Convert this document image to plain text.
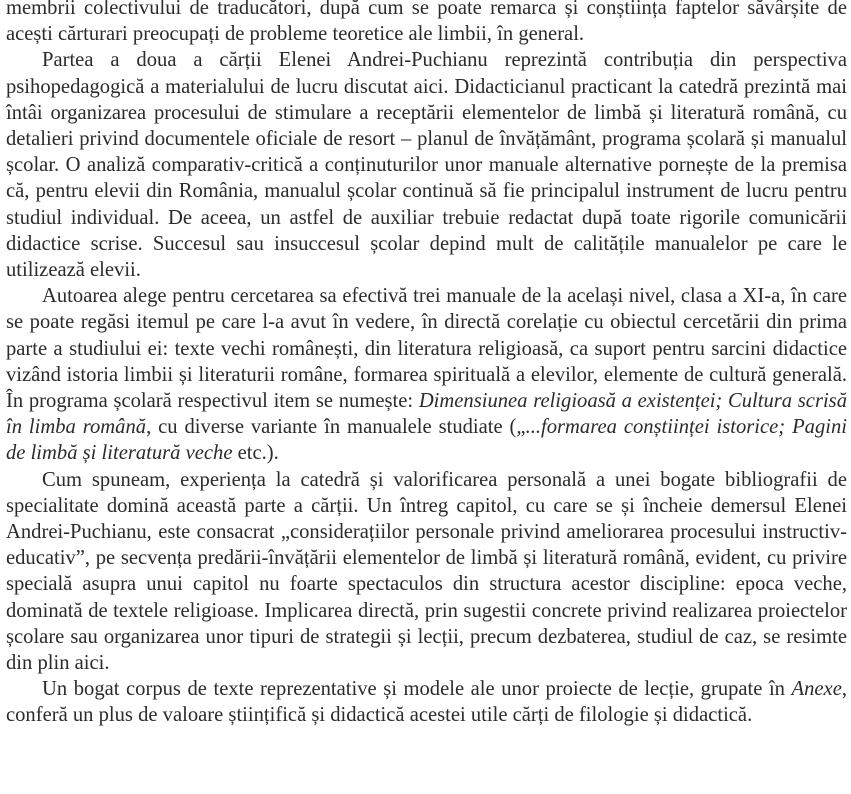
membrii colectivului de traducători, după cum se poate remarca și conștiința faptelor săvârșite de acești cărturari preocupați de probleme teoretice ale limbii, în general.

Partea a doua a cărții Elenei Andrei-Puchianu reprezintă contribuția din perspectiva psihopedagogică a materialului de lucru discutat aici. Didacticianul practicant la catedră prezintă mai întâi organizarea procesului de stimulare a receptării elementelor de limbă și literatură română, cu detalieri privind documentele oficiale de resort – planul de învățământ, programa școlară și manualul școlar. O analiză comparativ-critică a conținuturilor unor manuale alternative pornește de la premisa că, pentru elevii din România, manualul școlar continuă să fie principalul instrument de lucru pentru studiul individual. De aceea, un astfel de auxiliar trebuie redactat după toate rigorile comunicării didactice scrise. Succesul sau insuccesul școlar depind mult de calitățile manualelor pe care le utilizează elevii.

Autoarea alege pentru cercetarea sa efectivă trei manuale de la același nivel, clasa a XI-a, în care se poate regăsi itemul pe care l-a avut în vedere, în directă corelație cu obiectul cercetării din prima parte a studiului ei: texte vechi românești, din literatura religioasă, ca suport pentru sarcini didactice vizând istoria limbii și literaturii române, formarea spirituală a elevilor, elemente de cultură generală. În programa școlară respectivul item se numește: Dimensiunea religioasă a existenței; Cultura scrisă în limba română, cu diverse variante în manualele studiate („...formarea conștiinței istorice; Pagini de limbă și literatură veche etc.).

Cum spuneam, experiența la catedră și valorificarea personală a unei bogate bibliografii de specialitate domină această parte a cărții. Un întreg capitol, cu care se și încheie demersul Elenei Andrei-Puchianu, este consacrat „considerațiilor personale privind ameliorarea procesului instructiv-educativ”, pe secvența predării-învățării elementelor de limbă și literatură română, evident, cu privire specială asupra unui capitol nu foarte spectaculos din structura acestor discipline: epoca veche, dominată de textele religioase. Implicarea directă, prin sugestii concrete privind realizarea proiectelor școlare sau organizarea unor tipuri de strategii și lecții, precum dezbaterea, studiul de caz, se resimte din plin aici.

Un bogat corpus de texte reprezentative și modele ale unor proiecte de lecție, grupate în Anexe, conferă un plus de valoare științifică și didactică acestei utile cărți de filologie și didactică.
